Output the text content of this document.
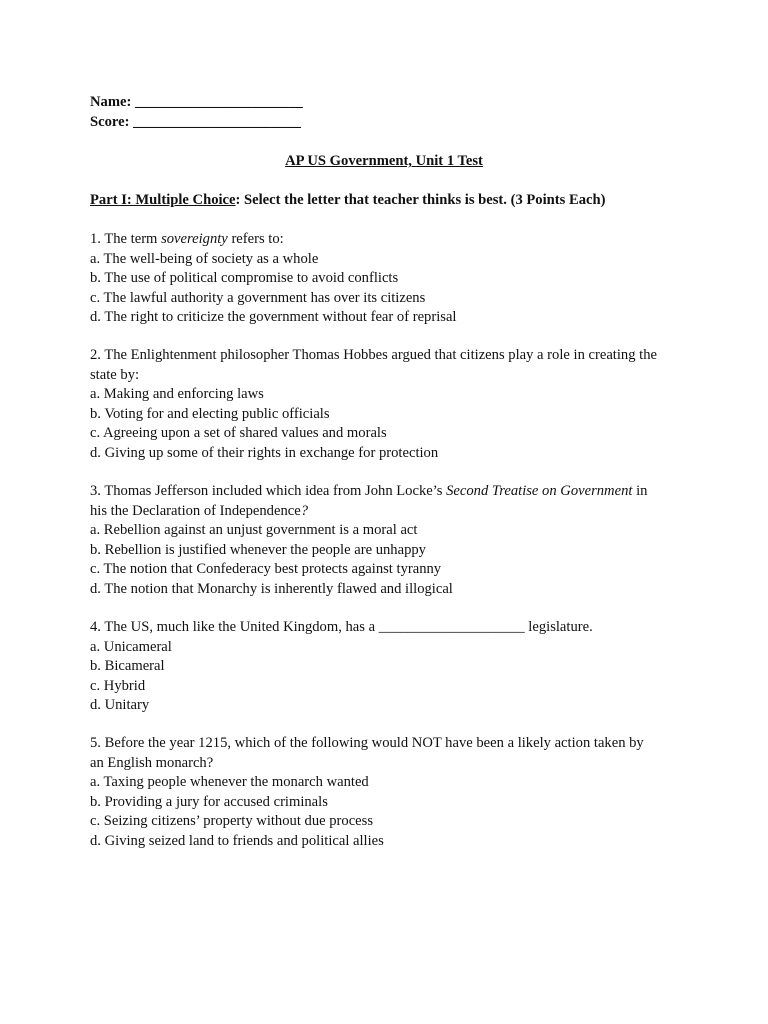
Name: _______________________
Score: _______________________
AP US Government, Unit 1 Test
Part I: Multiple Choice: Select the letter that teacher thinks is best. (3 Points Each)
1. The term sovereignty refers to:
a. The well-being of society as a whole
b. The use of political compromise to avoid conflicts
c. The lawful authority a government has over its citizens
d. The right to criticize the government without fear of reprisal
2. The Enlightenment philosopher Thomas Hobbes argued that citizens play a role in creating the
state by:
a. Making and enforcing laws
b. Voting for and electing public officials
c. Agreeing upon a set of shared values and morals
d. Giving up some of their rights in exchange for protection
3. Thomas Jefferson included which idea from John Locke’s Second Treatise on Government in
his the Declaration of Independence?
a. Rebellion against an unjust government is a moral act
b. Rebellion is justified whenever the people are unhappy
c. The notion that Confederacy best protects against tyranny
d. The notion that Monarchy is inherently flawed and illogical
4. The US, much like the United Kingdom, has a ____________________ legislature.
a. Unicameral
b. Bicameral
c. Hybrid
d. Unitary
5. Before the year 1215, which of the following would NOT have been a likely action taken by
an English monarch?
a. Taxing people whenever the monarch wanted
b. Providing a jury for accused criminals
c. Seizing citizens’ property without due process
d. Giving seized land to friends and political allies
